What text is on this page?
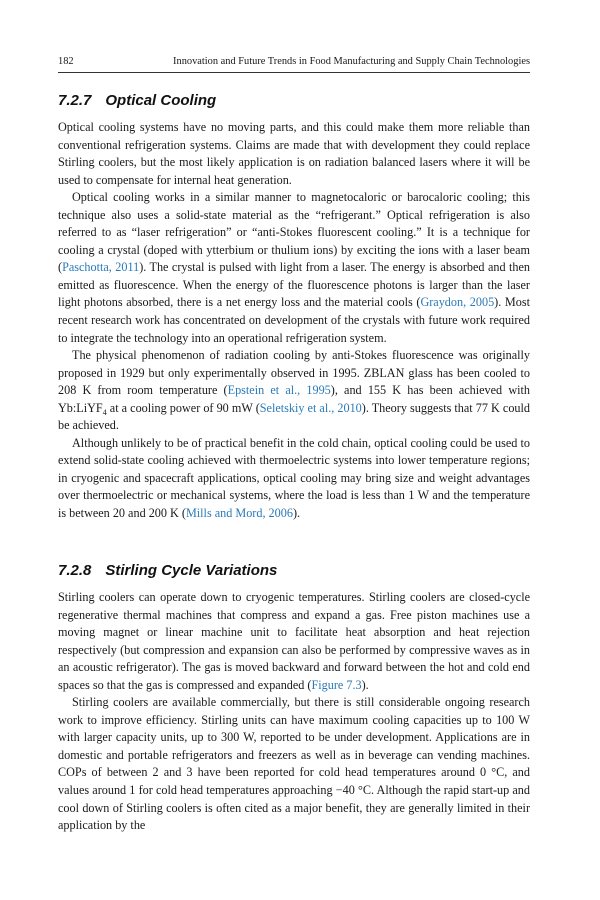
182	Innovation and Future Trends in Food Manufacturing and Supply Chain Technologies
7.2.7 Optical Cooling

Optical cooling systems have no moving parts, and this could make them more reliable than conventional refrigeration systems. Claims are made that with development they could replace Stirling coolers, but the most likely application is on radiation balanced lasers where it will be used to compensate for internal heat generation.

Optical cooling works in a similar manner to magnetocaloric or barocaloric cooling; this technique also uses a solid-state material as the “refrigerant.” Optical refrigeration is also referred to as “laser refrigeration” or “anti-Stokes fluorescent cooling.” It is a technique for cooling a crystal (doped with ytterbium or thulium ions) by exciting the ions with a laser beam (Paschotta, 2011). The crystal is pulsed with light from a laser. The energy is absorbed and then emitted as fluorescence. When the energy of the fluorescence photons is larger than the laser light photons absorbed, there is a net energy loss and the material cools (Graydon, 2005). Most recent research work has concentrated on development of the crystals with future work required to integrate the technology into an operational refrigeration system.

The physical phenomenon of radiation cooling by anti-Stokes fluorescence was originally proposed in 1929 but only experimentally observed in 1995. ZBLAN glass has been cooled to 208 K from room temperature (Epstein et al., 1995), and 155 K has been achieved with Yb:LiYF$_4$ at a cooling power of 90 mW (Seletskiy et al., 2010). Theory suggests that 77 K could be achieved.

Although unlikely to be of practical benefit in the cold chain, optical cooling could be used to extend solid-state cooling achieved with thermoelectric systems into lower temperature regions; in cryogenic and spacecraft applications, optical cooling may bring size and weight advantages over thermoelectric or mechanical systems, where the load is less than 1 W and the temperature is between 20 and 200 K (Mills and Mord, 2006).

7.2.8 Stirling Cycle Variations

Stirling coolers can operate down to cryogenic temperatures. Stirling coolers are closed-cycle regenerative thermal machines that compress and expand a gas. Free piston machines use a moving magnet or linear machine unit to facilitate heat absorption and heat rejection respectively (but compression and expansion can also be performed by compressive waves as in an acoustic refrigerator). The gas is moved backward and forward between the hot and cold end spaces so that the gas is compressed and expanded (Figure 7.3).

Stirling coolers are available commercially, but there is still considerable ongoing research work to improve efficiency. Stirling units can have maximum cooling capacities up to 100 W with larger capacity units, up to 300 W, reported to be under development. Applications are in domestic and portable refrigerators and freezers as well as in beverage can vending machines. COPs of between 2 and 3 have been reported for cold head temperatures around 0 °C, and values around 1 for cold head temperatures approaching −40 °C. Although the rapid start-up and cool down of Stirling coolers is often cited as a major benefit, they are generally limited in their application by the
